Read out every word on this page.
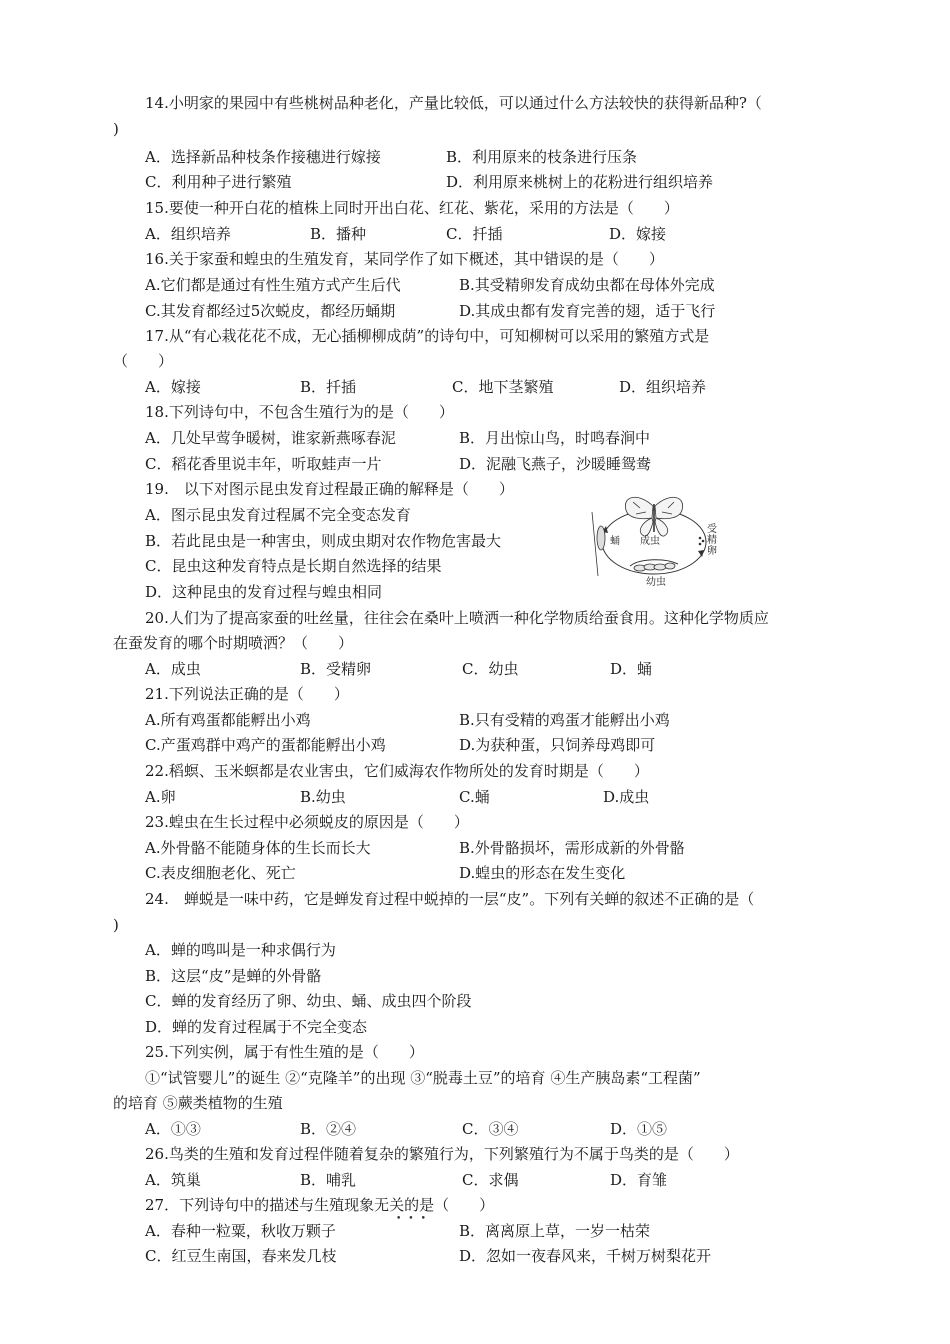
14.小明家的果园中有些桃树品种老化，产量比较低，可以通过什么方法较快的获得新品种?（
)
A．选择新品种枝条作接穗进行嫁接	B．利用原来的枝条进行压条
C．利用种子进行繁殖	D．利用原来桃树上的花粉进行组织培养
15.要使一种开白花的植株上同时开出白花、红花、紫花，采用的方法是（　　）
A．组织培养	B．播种	C．扦插	D．嫁接
16.关于家蚕和蝗虫的生殖发育，某同学作了如下概述，其中错误的是（　　）
A.它们都是通过有性生殖方式产生后代	B.其受精卵发育成幼虫都在母体外完成
C.其发育都经过5次蜕皮，都经历蛹期	D.其成虫都有发育完善的翅，适于飞行
17.从“有心栽花花不成，无心插柳柳成荫”的诗句中，可知柳树可以采用的繁殖方式是
（　　）
A．嫁接	B．扦插	C．地下茎繁殖	D．组织培养
18.下列诗句中，不包含生殖行为的是（　　）
A．几处早莺争暖树，谁家新燕啄春泥	B．月出惊山鸟，时鸣春涧中
C．稻花香里说丰年，听取蛙声一片	D．泥融飞燕子，沙暖睡鸳鸯
19.　以下对图示昆虫发育过程最正确的解释是（　　）
A．图示昆虫发育过程属不完全变态发育
B．若此昆虫是一种害虫，则成虫期对农作物危害最大
C．昆虫这种发育特点是长期自然选择的结果
D．这种昆虫的发育过程与蝗虫相同
成虫
蛹
幼虫
受
精
卵
20.人们为了提高家蚕的吐丝量，往往会在桑叶上喷洒一种化学物质给蚕食用。这种化学物质应
在蚕发育的哪个时期喷洒？（　　）
A．成虫	B．受精卵	C．幼虫	D．蛹
21.下列说法正确的是（　　）
A.所有鸡蛋都能孵出小鸡	B.只有受精的鸡蛋才能孵出小鸡
C.产蛋鸡群中鸡产的蛋都能孵出小鸡	D.为获种蛋，只饲养母鸡即可
22.稻螟、玉米螟都是农业害虫，它们威海农作物所处的发育时期是（　　）
A.卵	B.幼虫	C.蛹	D.成虫
23.蝗虫在生长过程中必须蜕皮的原因是（　　）
A.外骨骼不能随身体的生长而长大	B.外骨骼损坏，需形成新的外骨骼
C.表皮细胞老化、死亡	D.蝗虫的形态在发生变化
24.　蝉蜕是一味中药，它是蝉发育过程中蜕掉的一层“皮”。下列有关蝉的叙述不正确的是（
)
A．蝉的鸣叫是一种求偶行为
B．这层“皮”是蝉的外骨骼
C．蝉的发育经历了卵、幼虫、蛹、成虫四个阶段
D．蝉的发育过程属于不完全变态
25.下列实例，属于有性生殖的是（　　）
①“试管婴儿”的诞生 ②“克隆羊”的出现 ③“脱毒土豆”的培育 ④生产胰岛素“工程菌”
的培育 ⑤蕨类植物的生殖
A．①③	B．②④	C．③④	D．①⑤
26.鸟类的生殖和发育过程伴随着复杂的繁殖行为，下列繁殖行为不属于鸟类的是（　　）
A．筑巢	B．哺乳	C．求偶	D．育雏
27．下列诗句中的描述与生殖现象无关的是（　　）
•••
A．春种一粒粟，秋收万颗子	B．离离原上草，一岁一枯荣
C．红豆生南国，春来发几枝	D．忽如一夜春风来，千树万树梨花开
